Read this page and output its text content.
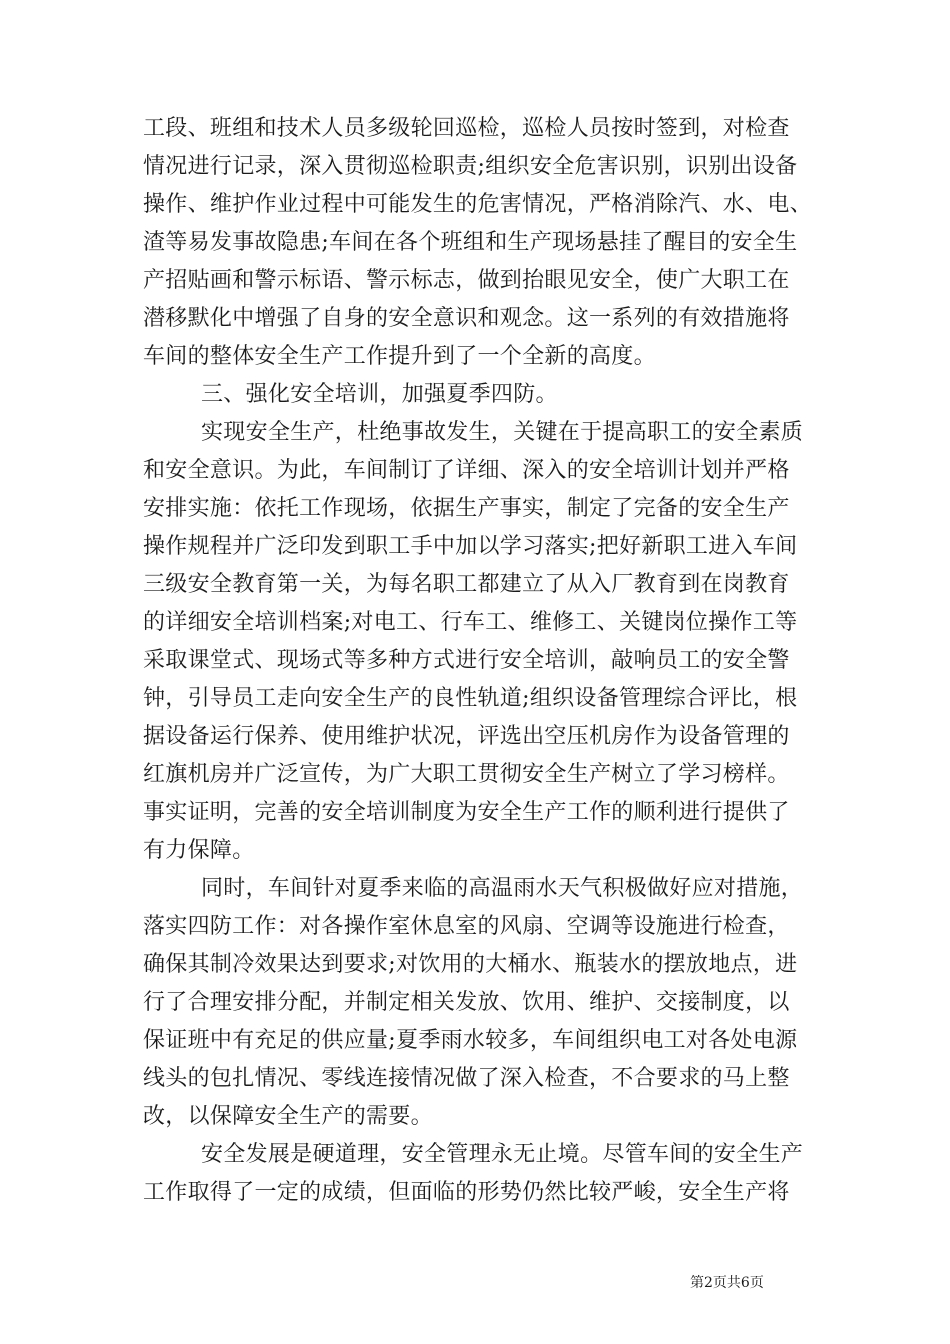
工段、班组和技术人员多级轮回巡检，巡检人员按时签到，对检查
情况进行记录，深入贯彻巡检职责;组织安全危害识别，识别出设备
操作、维护作业过程中可能发生的危害情况，严格消除汽、水、电、
渣等易发事故隐患;车间在各个班组和生产现场悬挂了醒目的安全生
产招贴画和警示标语、警示标志，做到抬眼见安全，使广大职工在
潜移默化中增强了自身的安全意识和观念。这一系列的有效措施将
车间的整体安全生产工作提升到了一个全新的高度。
三、强化安全培训，加强夏季四防。
实现安全生产，杜绝事故发生，关键在于提高职工的安全素质
和安全意识。为此，车间制订了详细、深入的安全培训计划并严格
安排实施：依托工作现场，依据生产事实，制定了完备的安全生产
操作规程并广泛印发到职工手中加以学习落实;把好新职工进入车间
三级安全教育第一关，为每名职工都建立了从入厂教育到在岗教育
的详细安全培训档案;对电工、行车工、维修工、关键岗位操作工等
采取课堂式、现场式等多种方式进行安全培训，敲响员工的安全警
钟，引导员工走向安全生产的良性轨道;组织设备管理综合评比，根
据设备运行保养、使用维护状况，评选出空压机房作为设备管理的
红旗机房并广泛宣传，为广大职工贯彻安全生产树立了学习榜样。
事实证明，完善的安全培训制度为安全生产工作的顺利进行提供了
有力保障。
同时，车间针对夏季来临的高温雨水天气积极做好应对措施，
落实四防工作：对各操作室休息室的风扇、空调等设施进行检查，
确保其制冷效果达到要求;对饮用的大桶水、瓶装水的摆放地点，进
行了合理安排分配，并制定相关发放、饮用、维护、交接制度，以
保证班中有充足的供应量;夏季雨水较多，车间组织电工对各处电源
线头的包扎情况、零线连接情况做了深入检查，不合要求的马上整
改，以保障安全生产的需要。
安全发展是硬道理，安全管理永无止境。尽管车间的安全生产
工作取得了一定的成绩，但面临的形势仍然比较严峻，安全生产将
第2页共6页
